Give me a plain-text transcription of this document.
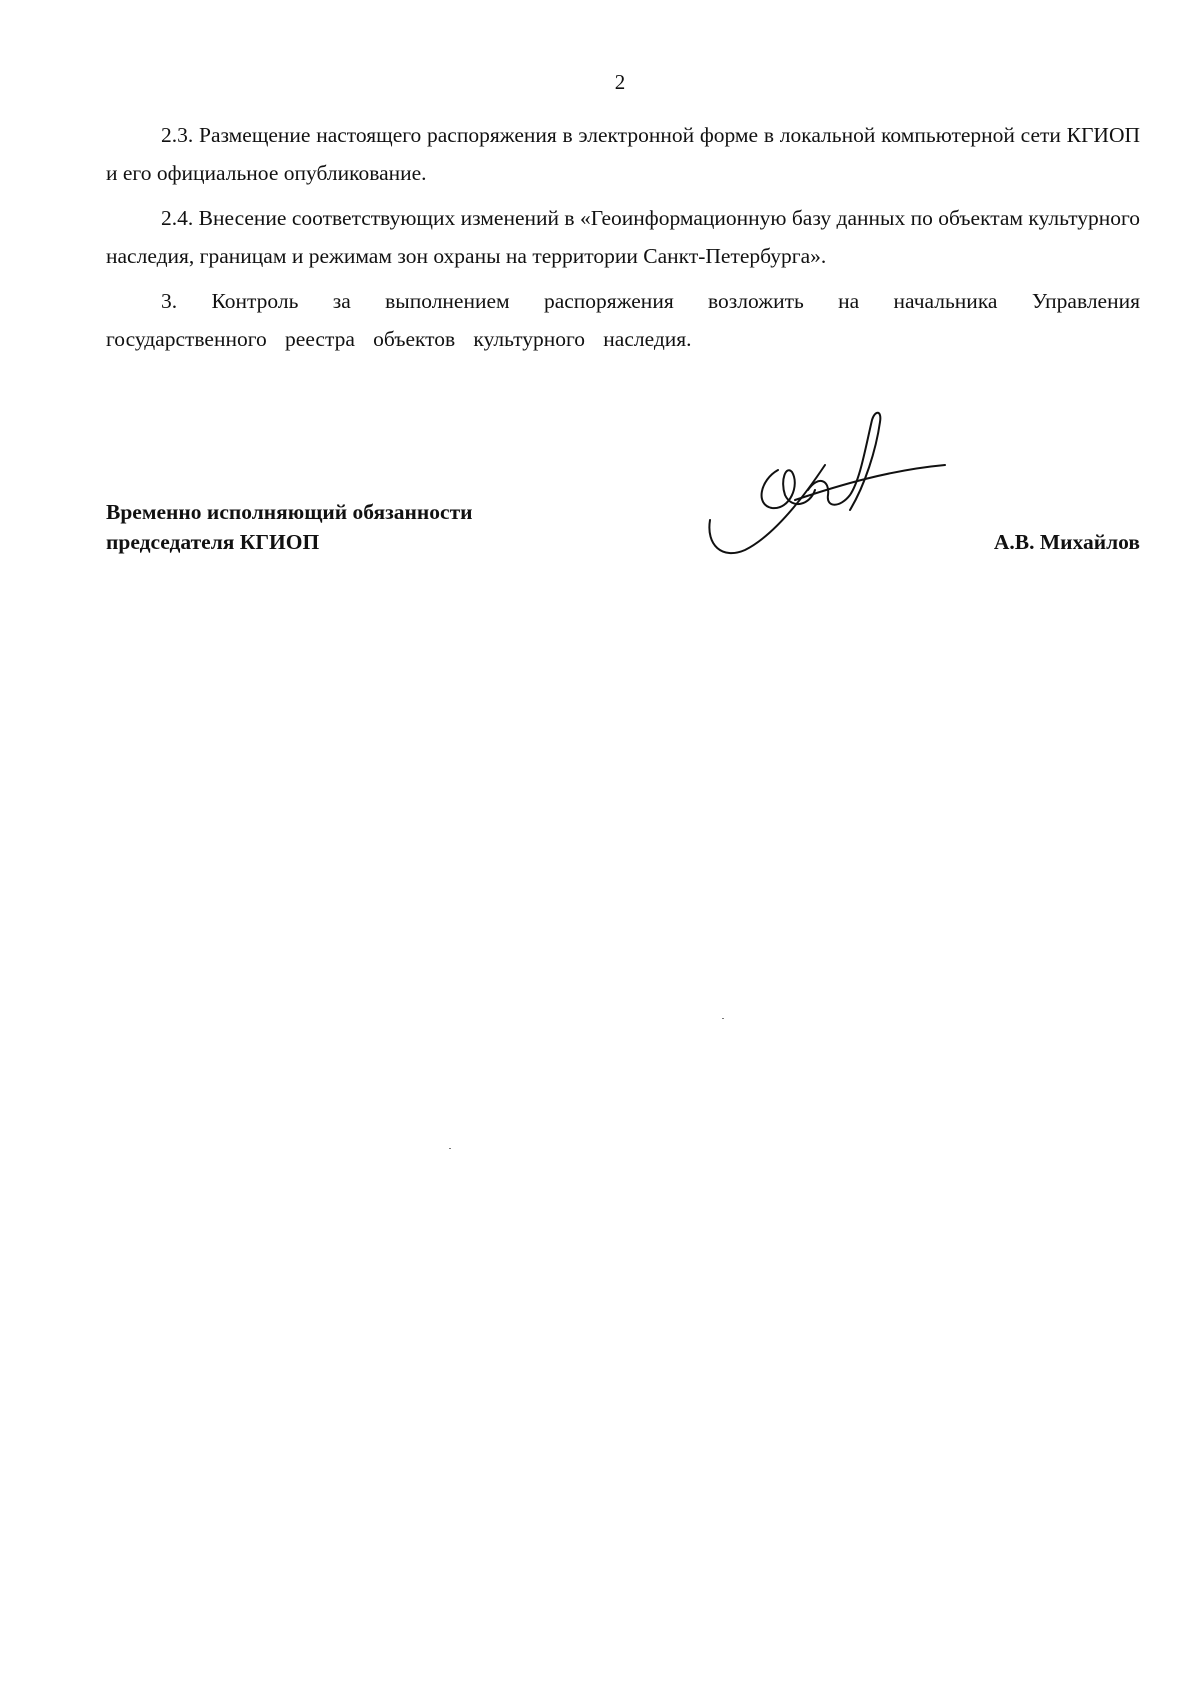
2

2.3. Размещение настоящего распоряжения в электронной форме в локальной компьютерной сети КГИОП и его официальное опубликование.

2.4. Внесение соответствующих изменений в «Геоинформационную базу данных по объектам культурного наследия, границам и режимам зон охраны на территории Санкт-Петербурга».

3. Контроль за выполнением распоряжения возложить на начальника Управления государственного реестра объектов культурного наследия.

Временно исполняющий обязанности
председателя КГИОП	А.В. Михайлов
